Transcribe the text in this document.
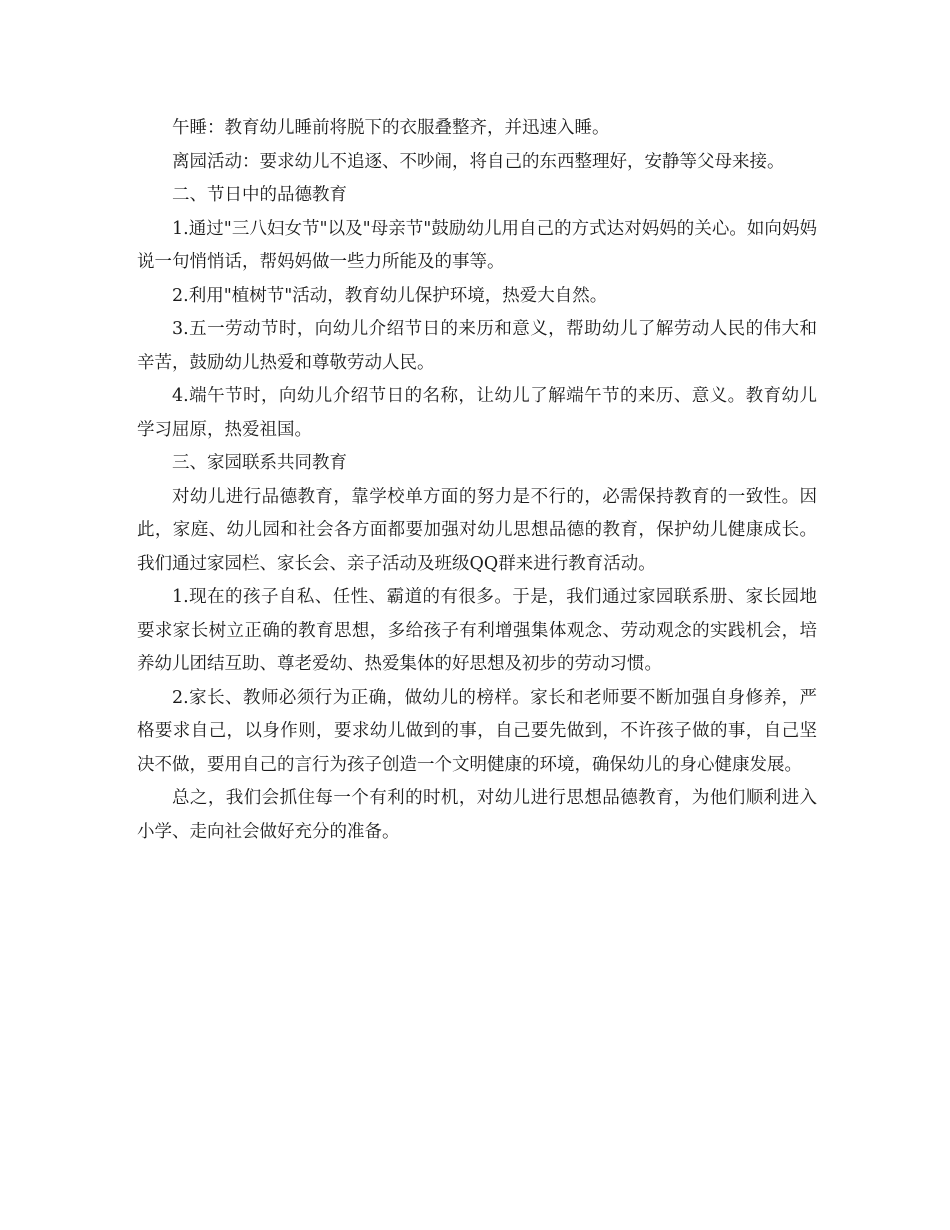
午睡：教育幼儿睡前将脱下的衣服叠整齐，并迅速入睡。

离园活动：要求幼儿不追逐、不吵闹，将自己的东西整理好，安静等父母来接。

二、节日中的品德教育

1.通过"三八妇女节"以及"母亲节"鼓励幼儿用自己的方式达对妈妈的关心。如向妈妈说一句悄悄话，帮妈妈做一些力所能及的事等。

2.利用"植树节"活动，教育幼儿保护环境，热爱大自然。

3.五一劳动节时，向幼儿介绍节日的来历和意义，帮助幼儿了解劳动人民的伟大和辛苦，鼓励幼儿热爱和尊敬劳动人民。

4.端午节时，向幼儿介绍节日的名称，让幼儿了解端午节的来历、意义。教育幼儿学习屈原，热爱祖国。

三、家园联系共同教育

对幼儿进行品德教育，靠学校单方面的努力是不行的，必需保持教育的一致性。因此，家庭、幼儿园和社会各方面都要加强对幼儿思想品德的教育，保护幼儿健康成长。我们通过家园栏、家长会、亲子活动及班级QQ群来进行教育活动。

1.现在的孩子自私、任性、霸道的有很多。于是，我们通过家园联系册、家长园地要求家长树立正确的教育思想，多给孩子有利增强集体观念、劳动观念的实践机会，培养幼儿团结互助、尊老爱幼、热爱集体的好思想及初步的劳动习惯。

2.家长、教师必须行为正确，做幼儿的榜样。家长和老师要不断加强自身修养，严格要求自己，以身作则，要求幼儿做到的事，自己要先做到，不许孩子做的事，自己坚决不做，要用自己的言行为孩子创造一个文明健康的环境，确保幼儿的身心健康发展。

总之，我们会抓住每一个有利的时机，对幼儿进行思想品德教育，为他们顺利进入小学、走向社会做好充分的准备。
